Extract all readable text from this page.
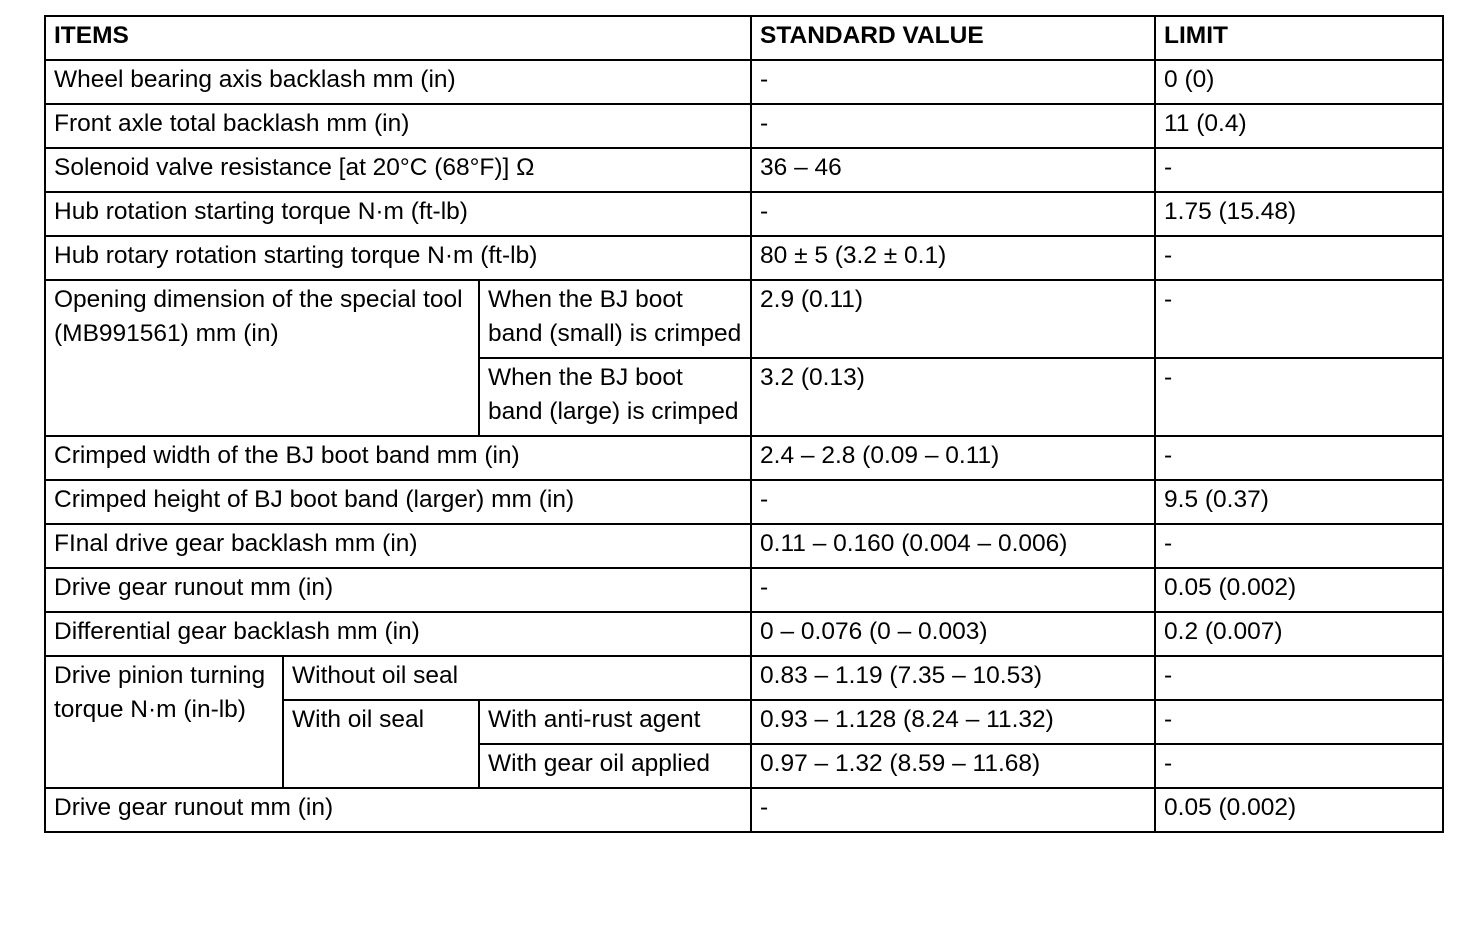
ITEMS			STANDARD VALUE	LIMIT
Wheel bearing axis backlash mm (in)			-	0 (0)
Front axle total backlash mm (in)			-	11 (0.4)
Solenoid valve resistance [at 20°C (68°F)] Ω			36 – 46	-
Hub rotation starting torque N·m (ft-lb)			-	1.75 (15.48)
Hub rotary rotation starting torque N·m (ft-lb)			80 ± 5 (3.2 ± 0.1)	-
Opening dimension of the special tool (MB991561) mm (in)		When the BJ boot band (small) is crimped	2.9 (0.11)	-
		When the BJ boot band (large) is crimped	3.2 (0.13)	-
Crimped width of the BJ boot band mm (in)			2.4 – 2.8 (0.09 – 0.11)	-
Crimped height of BJ boot band (larger) mm (in)			-	9.5 (0.37)
FInal drive gear backlash mm (in)			0.11 – 0.160 (0.004 – 0.006)	-
Drive gear runout mm (in)			-	0.05 (0.002)
Differential gear backlash mm (in)			0 – 0.076 (0 – 0.003)	0.2 (0.007)
Drive pinion turning torque N·m (in-lb)	Without oil seal		0.83 – 1.19 (7.35 – 10.53)	-
	With oil seal	With anti-rust agent	0.93 – 1.128 (8.24 – 11.32)	-
		With gear oil applied	0.97 – 1.32 (8.59 – 11.68)	-
Drive gear runout mm (in)			-	0.05 (0.002)
